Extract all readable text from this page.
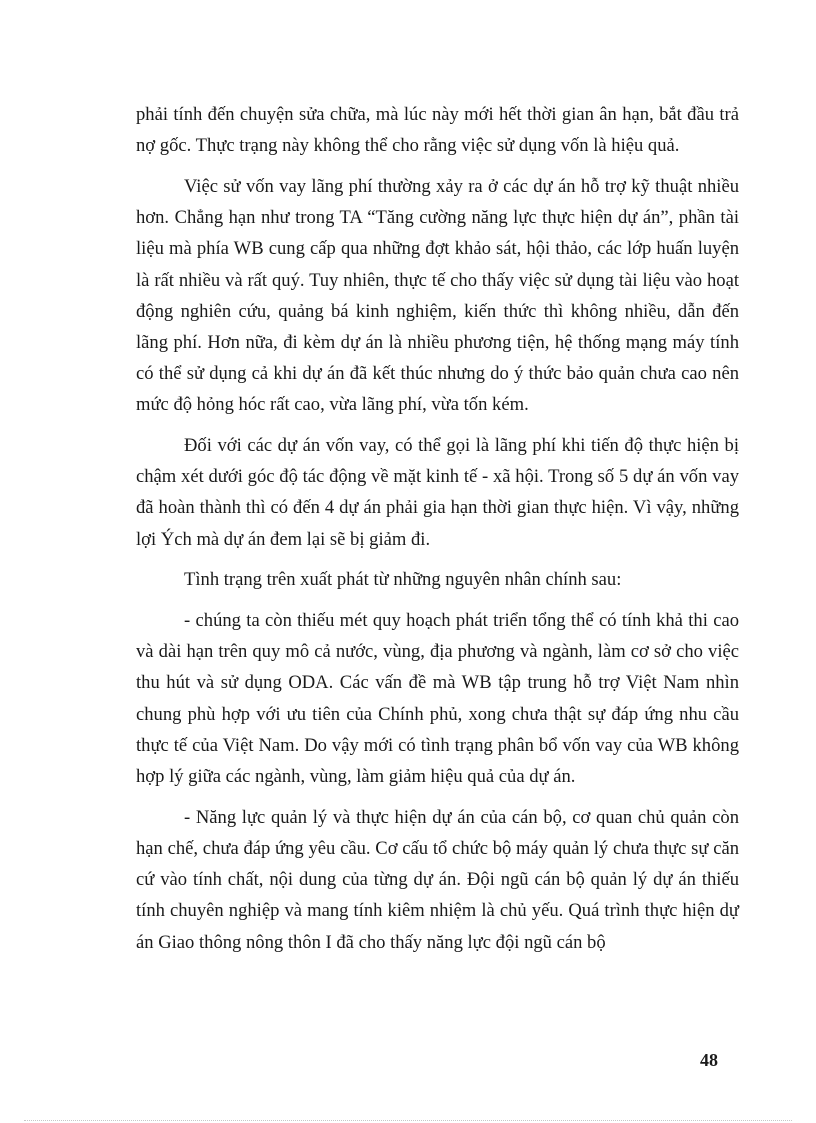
phải tính đến chuyện sửa chữa, mà lúc này mới hết thời gian ân hạn, bắt đầu trả nợ gốc. Thực trạng này không thể cho rằng việc sử dụng vốn là hiệu quả.

Việc sử vốn vay lãng phí thường xảy ra ở các dự án hỗ trợ kỹ thuật nhiều hơn. Chẳng hạn như trong TA “Tăng cường năng lực thực hiện dự án”, phần tài liệu mà phía WB cung cấp qua những đợt khảo sát, hội thảo, các lớp huấn luyện là rất nhiều và rất quý. Tuy nhiên, thực tế cho thấy việc sử dụng tài liệu vào hoạt động nghiên cứu, quảng bá kinh nghiệm, kiến thức thì không nhiều, dẫn đến lãng phí. Hơn nữa, đi kèm dự án là nhiều phương tiện, hệ thống mạng máy tính có thể sử dụng cả khi dự án đã kết thúc nhưng do ý thức bảo quản chưa cao nên mức độ hỏng hóc rất cao, vừa lãng phí, vừa tốn kém.

Đối với các dự án vốn vay, có thể gọi là lãng phí khi tiến độ thực hiện bị chậm xét dưới góc độ tác động về mặt kinh tế - xã hội. Trong số 5 dự án vốn vay đã hoàn thành thì có đến 4 dự án phải gia hạn thời gian thực hiện. Vì vậy, những lợi Ých mà dự án đem lại sẽ bị giảm đi.

Tình trạng trên xuất phát từ những nguyên nhân chính sau:

- chúng ta còn thiếu mét quy hoạch phát triển tổng thể có tính khả thi cao và dài hạn trên quy mô cả nước, vùng, địa phương và ngành, làm cơ sở cho việc thu hút và sử dụng ODA. Các vấn đề mà WB tập trung hỗ trợ Việt Nam nhìn chung phù hợp với ưu tiên của Chính phủ, xong chưa thật sự đáp ứng nhu cầu thực tế của Việt Nam. Do vậy mới có tình trạng phân bổ vốn vay của WB không hợp lý giữa các ngành, vùng, làm giảm hiệu quả của dự án.

- Năng lực quản lý và thực hiện dự án của cán bộ, cơ quan chủ quản còn hạn chế, chưa đáp ứng yêu cầu. Cơ cấu tổ chức bộ máy quản lý chưa thực sự căn cứ vào tính chất, nội dung của từng dự án. Đội ngũ cán bộ quản lý dự án thiếu tính chuyên nghiệp và mang tính kiêm nhiệm là chủ yếu. Quá trình thực hiện dự án Giao thông nông thôn I đã cho thấy năng lực đội ngũ cán bộ

48
